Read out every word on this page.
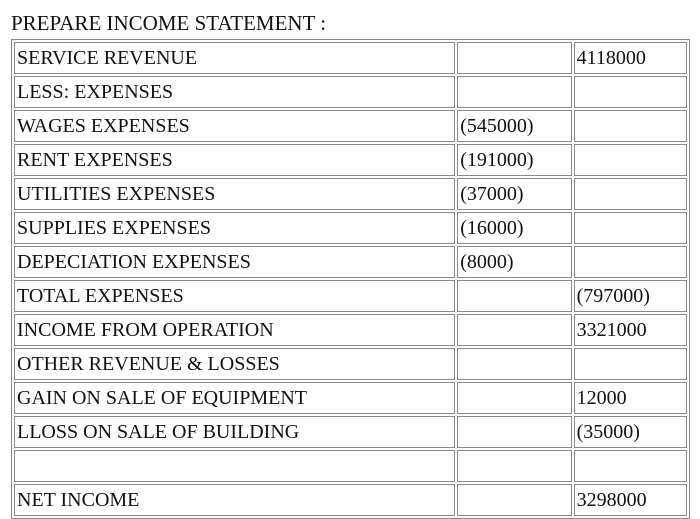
PREPARE INCOME STATEMENT :
SERVICE REVENUE		4118000
LESS: EXPENSES		
WAGES EXPENSES	(545000)	
RENT EXPENSES	(191000)	
UTILITIES EXPENSES	(37000)	
SUPPLIES EXPENSES	(16000)	
DEPECIATION EXPENSES	(8000)	
TOTAL EXPENSES		(797000)
INCOME FROM OPERATION		3321000
OTHER REVENUE & LOSSES		
GAIN ON SALE OF EQUIPMENT		12000
LLOSS ON SALE OF BUILDING		(35000)

NET INCOME		3298000
